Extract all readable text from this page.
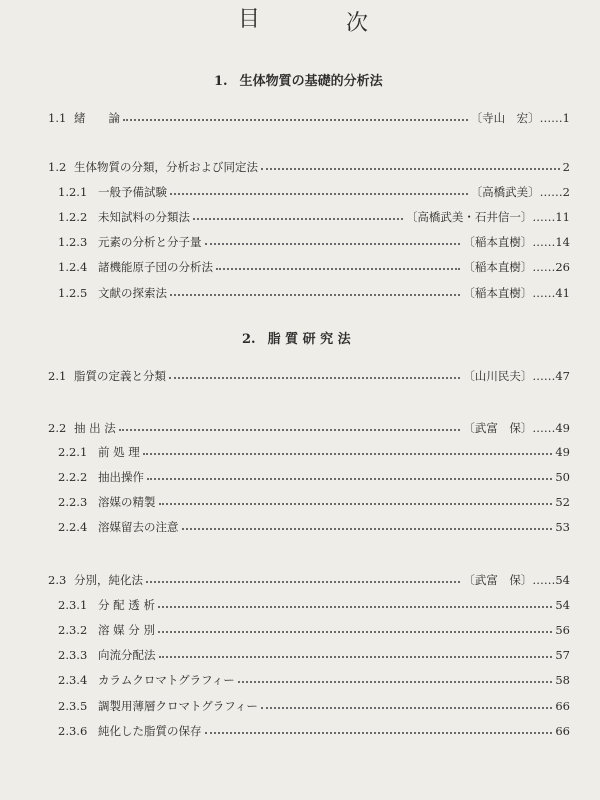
目	次
1. 生体物質の基礎的分析法
1.1 緒　　論	〔寺山　宏〕…… 1
1.2 生体物質の分類，分析および同定法	2
1.2.1 一般予備試験	〔高橋武美〕…… 2
1.2.2 未知試料の分類法	〔高橋武美・石井信一〕…… 11
1.2.3 元素の分析と分子量	〔稲本直樹〕…… 14
1.2.4 諸機能原子団の分析法	〔稲本直樹〕…… 26
1.2.5 文献の探索法	〔稲本直樹〕…… 41
2. 脂 質 研 究 法
2.1 脂質の定義と分類	〔山川民夫〕…… 47
2.2 抽 出 法	〔武富　保〕…… 49
2.2.1 前 処 理	49
2.2.2 抽出操作	50
2.2.3 溶媒の精製	52
2.2.4 溶媒留去の注意	53
2.3 分別，純化法	〔武富　保〕…… 54
2.3.1 分 配 透 析	54
2.3.2 溶 媒 分 別	56
2.3.3 向流分配法	57
2.3.4 カラムクロマトグラフィー	58
2.3.5 調製用薄層クロマトグラフィー	66
2.3.6 純化した脂質の保存	66
